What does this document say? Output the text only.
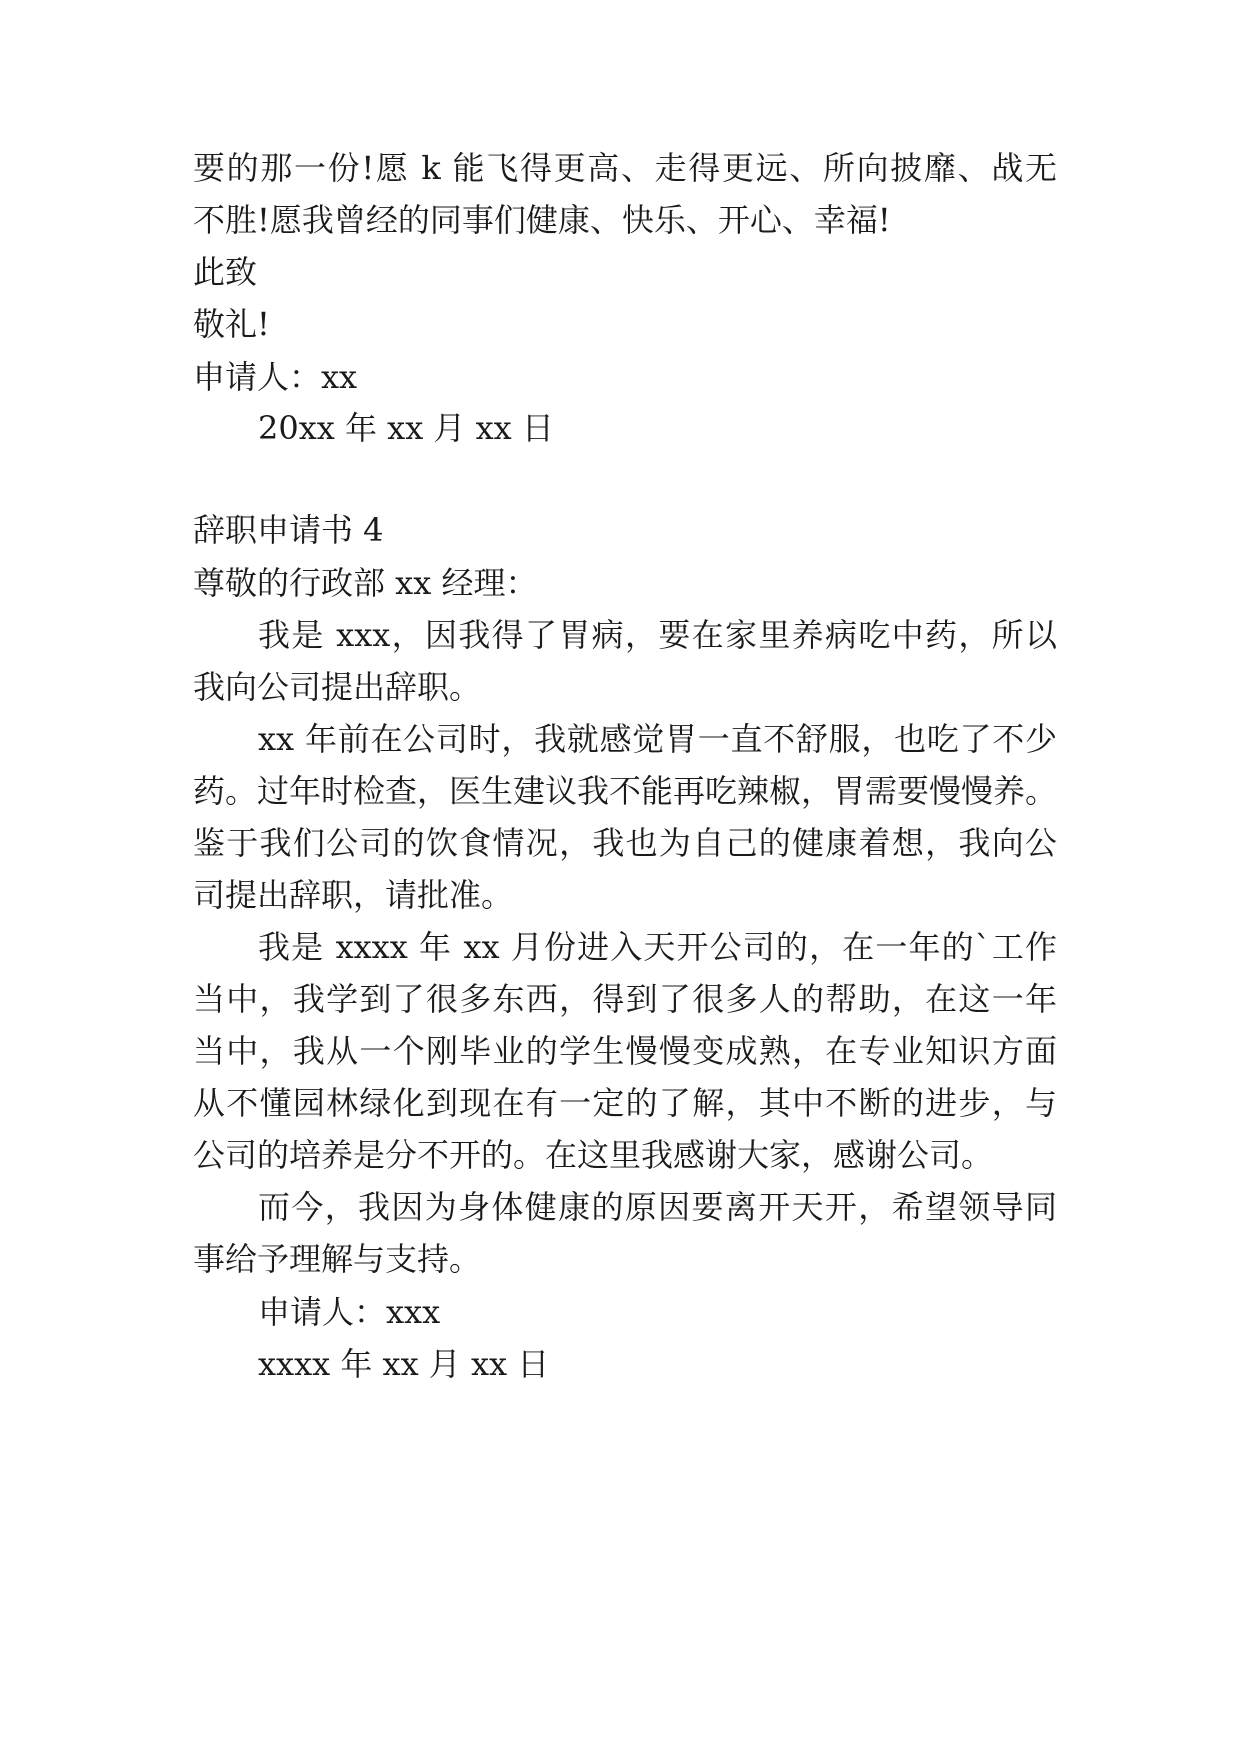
要的那一份!愿 k 能飞得更高、走得更远、所向披靡、战无
不胜!愿我曾经的同事们健康、快乐、开心、幸福!
此致
敬礼!
申请人：xx
20xx 年 xx 月 xx 日
辞职申请书 4
尊敬的行政部 xx 经理：
我是 xxx，因我得了胃病，要在家里养病吃中药，所以
我向公司提出辞职。
xx 年前在公司时，我就感觉胃一直不舒服，也吃了不少
药。过年时检查，医生建议我不能再吃辣椒，胃需要慢慢养。
鉴于我们公司的饮食情况，我也为自己的健康着想，我向公
司提出辞职，请批准。
我是 xxxx 年 xx 月份进入天开公司的，在一年的`工作
当中，我学到了很多东西，得到了很多人的帮助，在这一年
当中，我从一个刚毕业的学生慢慢变成熟，在专业知识方面
从不懂园林绿化到现在有一定的了解，其中不断的进步，与
公司的培养是分不开的。在这里我感谢大家，感谢公司。
而今，我因为身体健康的原因要离开天开，希望领导同
事给予理解与支持。
申请人：xxx
xxxx 年 xx 月 xx 日
